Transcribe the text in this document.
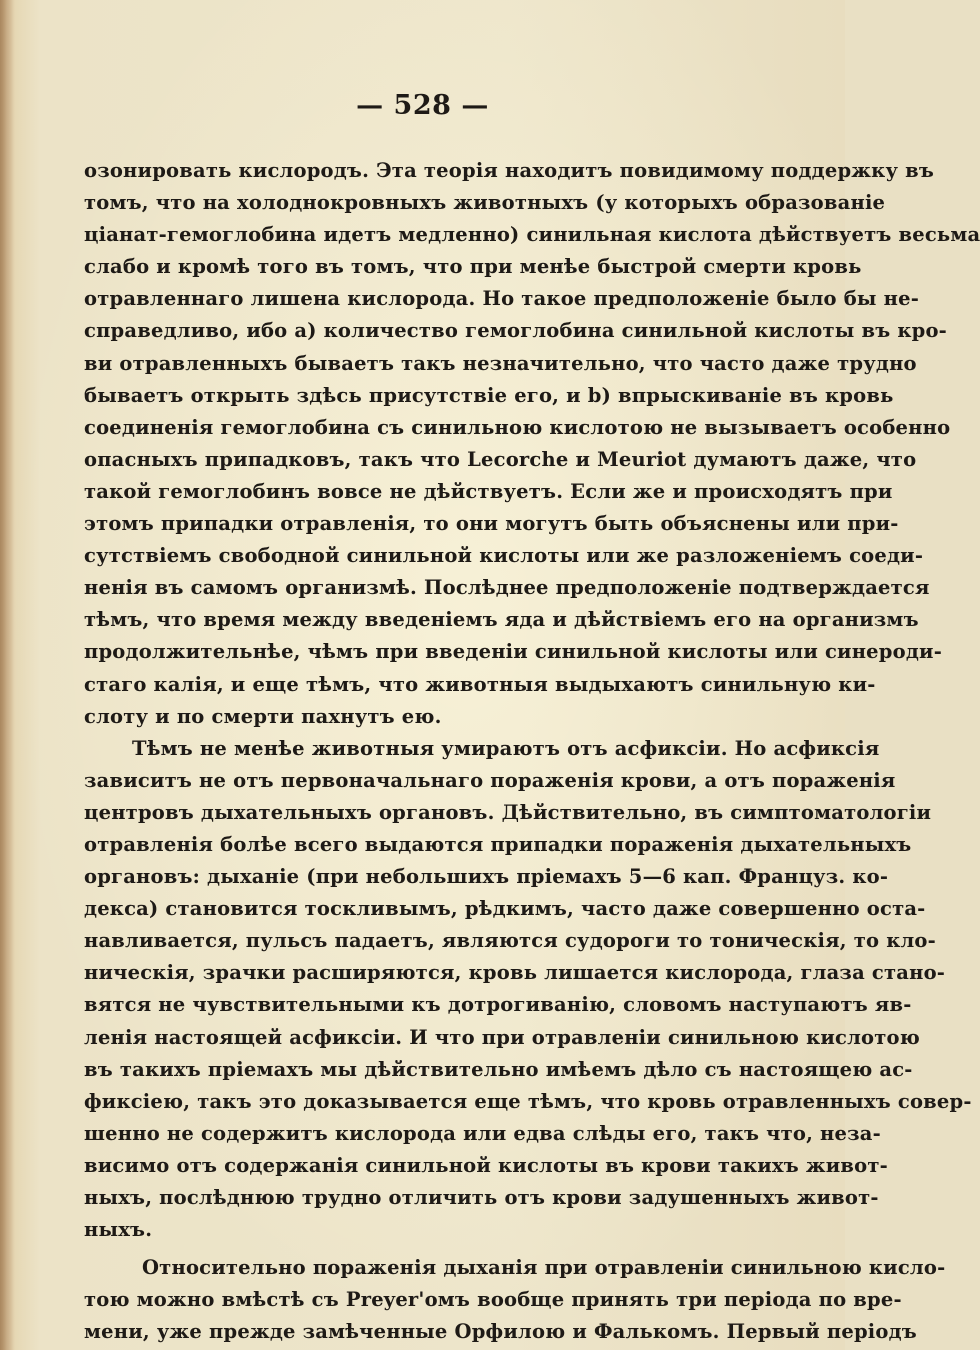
— 528 —
озонировать кислородъ. Эта теорія находитъ повидимому поддержку въ
томъ, что на холоднокровныхъ животныхъ (у которыхъ образованіе
ціанат-гемоглобина идетъ медленно) синильная кислота дѣйствуетъ весьма
слабо и кромѣ того въ томъ, что при менѣе быстрой смерти кровь
отравленнаго лишена кислорода. Но такое предположеніе было бы не-
справедливо, ибо а) количество гемоглобина синильной кислоты въ кро-
ви отравленныхъ бываетъ такъ незначительно, что часто даже трудно
бываетъ открыть здѣсь присутствіе его, и b) впрыскиваніе въ кровь
соединенія гемоглобина съ синильною кислотою не вызываетъ особенно
опасныхъ припадковъ, такъ что Lecorche и Meuriot думаютъ даже, что
такой гемоглобинъ вовсе не дѣйствуетъ. Если же и происходятъ при
этомъ припадки отравленія, то они могутъ быть объяснены или при-
сутствіемъ свободной синильной кислоты или же разложеніемъ соеди-
ненія въ самомъ организмѣ. Послѣднее предположеніе подтверждается
тѣмъ, что время между введеніемъ яда и дѣйствіемъ его на организмъ
продолжительнѣе, чѣмъ при введеніи синильной кислоты или синероди-
стаго калія, и еще тѣмъ, что животныя выдыхаютъ синильную ки-
слоту и по смерти пахнутъ ею.
Тѣмъ не менѣе животныя умираютъ отъ асфиксіи. Но асфиксія
зависитъ не отъ первоначальнаго пораженія крови, а отъ пораженія
центровъ дыхательныхъ органовъ. Дѣйствительно, въ симптоматологіи
отравленія болѣе всего выдаются припадки пораженія дыхательныхъ
органовъ: дыханіе (при небольшихъ пріемахъ 5—6 кап. Француз. ко-
декса) становится тоскливымъ, рѣдкимъ, часто даже совершенно оста-
навливается, пульсъ падаетъ, являются судороги то тоническія, то кло-
ническія, зрачки расширяются, кровь лишается кислорода, глаза стано-
вятся не чувствительными къ дотрогиванію, словомъ наступаютъ яв-
ленія настоящей асфиксіи. И что при отравленіи синильною кислотою
въ такихъ пріемахъ мы дѣйствительно имѣемъ дѣло съ настоящею ас-
фиксіею, такъ это доказывается еще тѣмъ, что кровь отравленныхъ совер-
шенно не содержитъ кислорода или едва слѣды его, такъ что, неза-
висимо отъ содержанія синильной кислоты въ крови такихъ живот-
ныхъ, послѣднюю трудно отличить отъ крови задушенныхъ живот-
ныхъ.
Относительно пораженія дыханія при отравленіи синильною кисло-
тою можно вмѣстѣ съ Preyer'омъ вообще принять три періода по вре-
мени, уже прежде замѣченные Орфилою и Фалькомъ. Первый періодъ
